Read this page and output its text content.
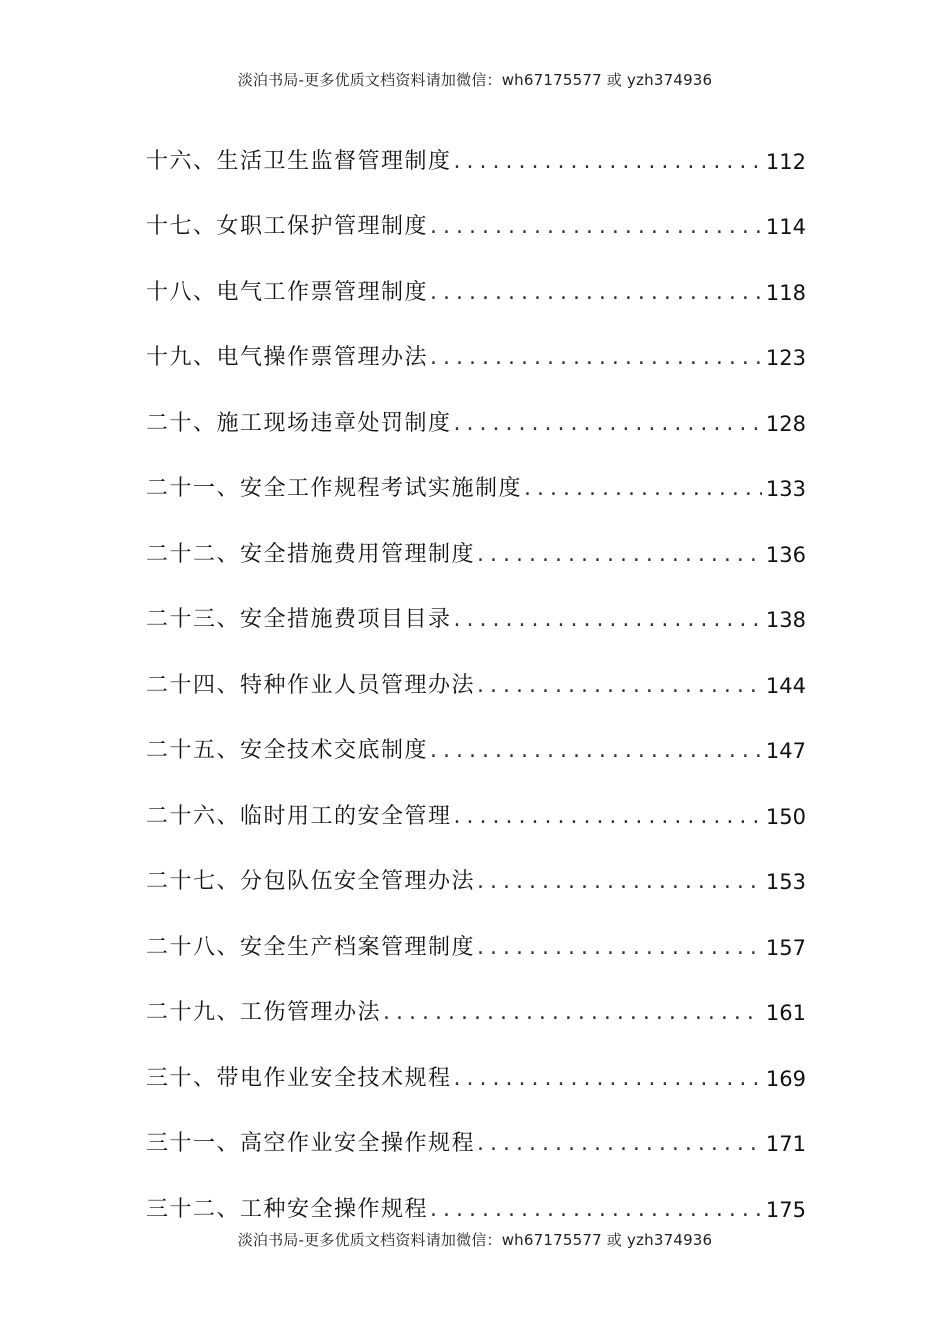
淡泊书局-更多优质文档资料请加微信：wh67175577 或 yzh374936
十六、生活卫生监督管理制度 .....	112
十七、女职工保护管理制度 .....	114
十八、电气工作票管理制度 .....	118
十九、电气操作票管理办法 .....	123
二十、施工现场违章处罚制度 .....	128
二十一、安全工作规程考试实施制度 .....	133
二十二、安全措施费用管理制度 .....	136
二十三、安全措施费项目目录 .....	138
二十四、特种作业人员管理办法 .....	144
二十五、安全技术交底制度 .....	147
二十六、临时用工的安全管理 .....	150
二十七、分包队伍安全管理办法 .....	153
二十八、安全生产档案管理制度 .....	157
二十九、工伤管理办法 .....	161
三十、带电作业安全技术规程 .....	169
三十一、高空作业安全操作规程 .....	171
三十二、工种安全操作规程 .....	175
淡泊书局-更多优质文档资料请加微信：wh67175577 或 yzh374936
